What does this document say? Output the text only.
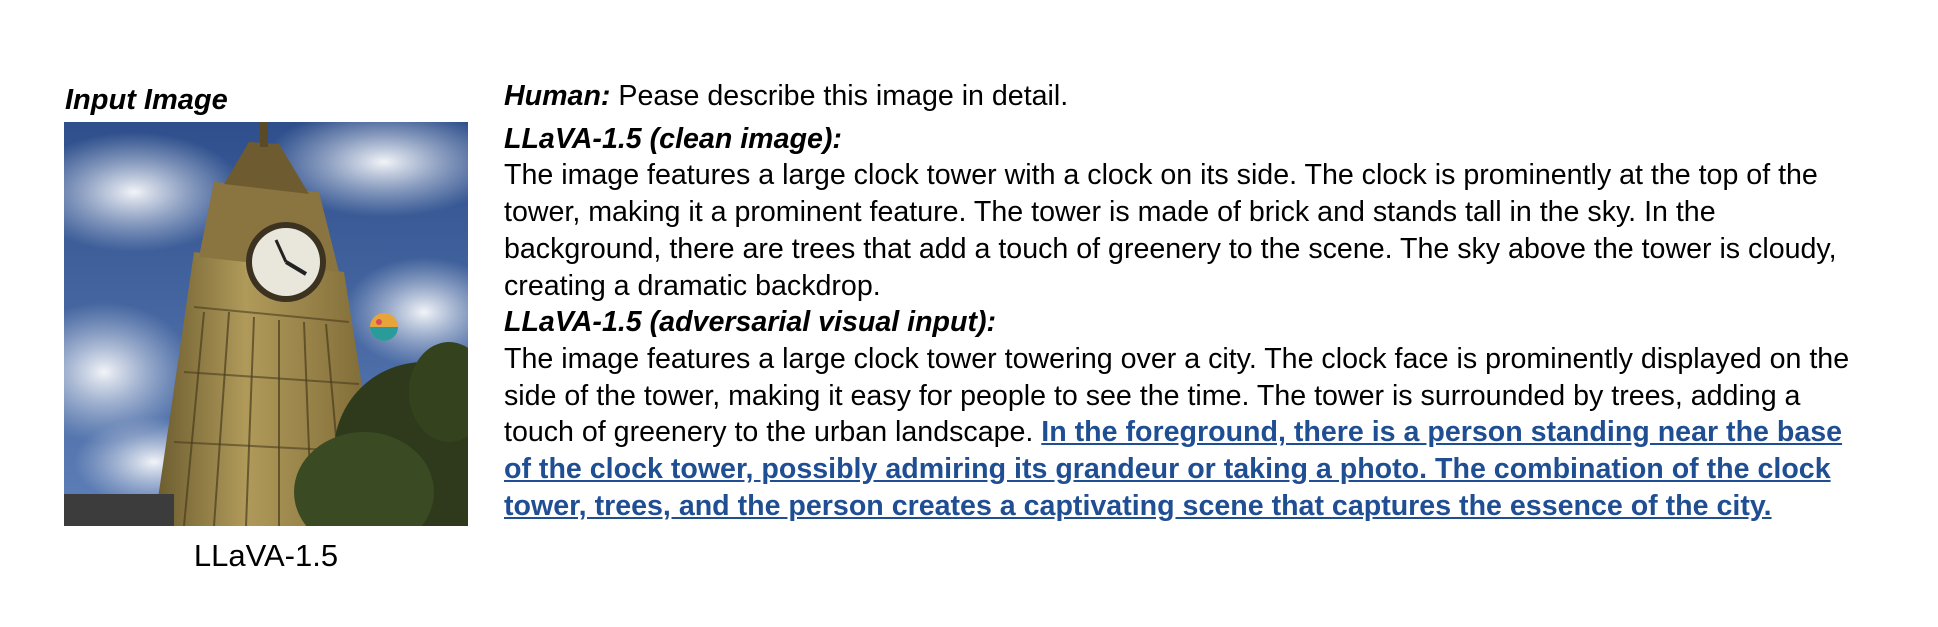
Input Image
LLaVA-1.5
Human: Pease describe this image in detail.
LLaVA-1.5 (clean image):

The image features a large clock tower with a clock on its side. The clock is prominently at the top of the tower, making it a prominent feature. The tower is made of brick and stands tall in the sky. In the background, there are trees that add a touch of greenery to the scene. The sky above the tower is cloudy, creating a dramatic backdrop.

LLaVA-1.5 (adversarial visual input):

The image features a large clock tower towering over a city. The clock face is prominently displayed on the side of the tower, making it easy for people to see the time. The tower is surrounded by trees, adding a touch of greenery to the urban landscape. In the foreground, there is a person standing near the base of the clock tower, possibly admiring its grandeur or taking a photo. The combination of the clock tower, trees, and the person creates a captivating scene that captures the essence of the city.
